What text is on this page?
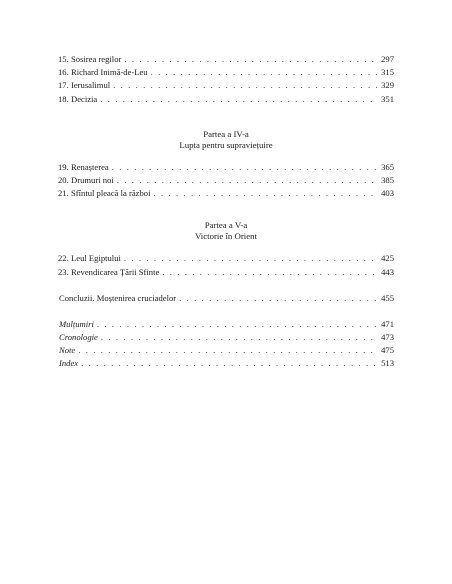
15. Sosirea regilor . . .	297
16. Richard Inimă-de-Leu . . .	315
17. Ierusalimul . . .	329
18. Decizia . . .	351
Partea a IV-a
Lupta pentru supraviețuire
19. Renașterea . . .	365
20. Drumuri noi . . .	385
21. Sfîntul pleacă la război . . .	403
Partea a V-a
Victorie în Orient
22. Leul Egiptului . . .	425
23. Revendicarea Țării Sfinte . . .	443
Concluzii. Moștenirea cruciadelor . . .	455
Mulțumiri . . .	471
Cronologie . . .	473
Note . . .	475
Index . . .	513
